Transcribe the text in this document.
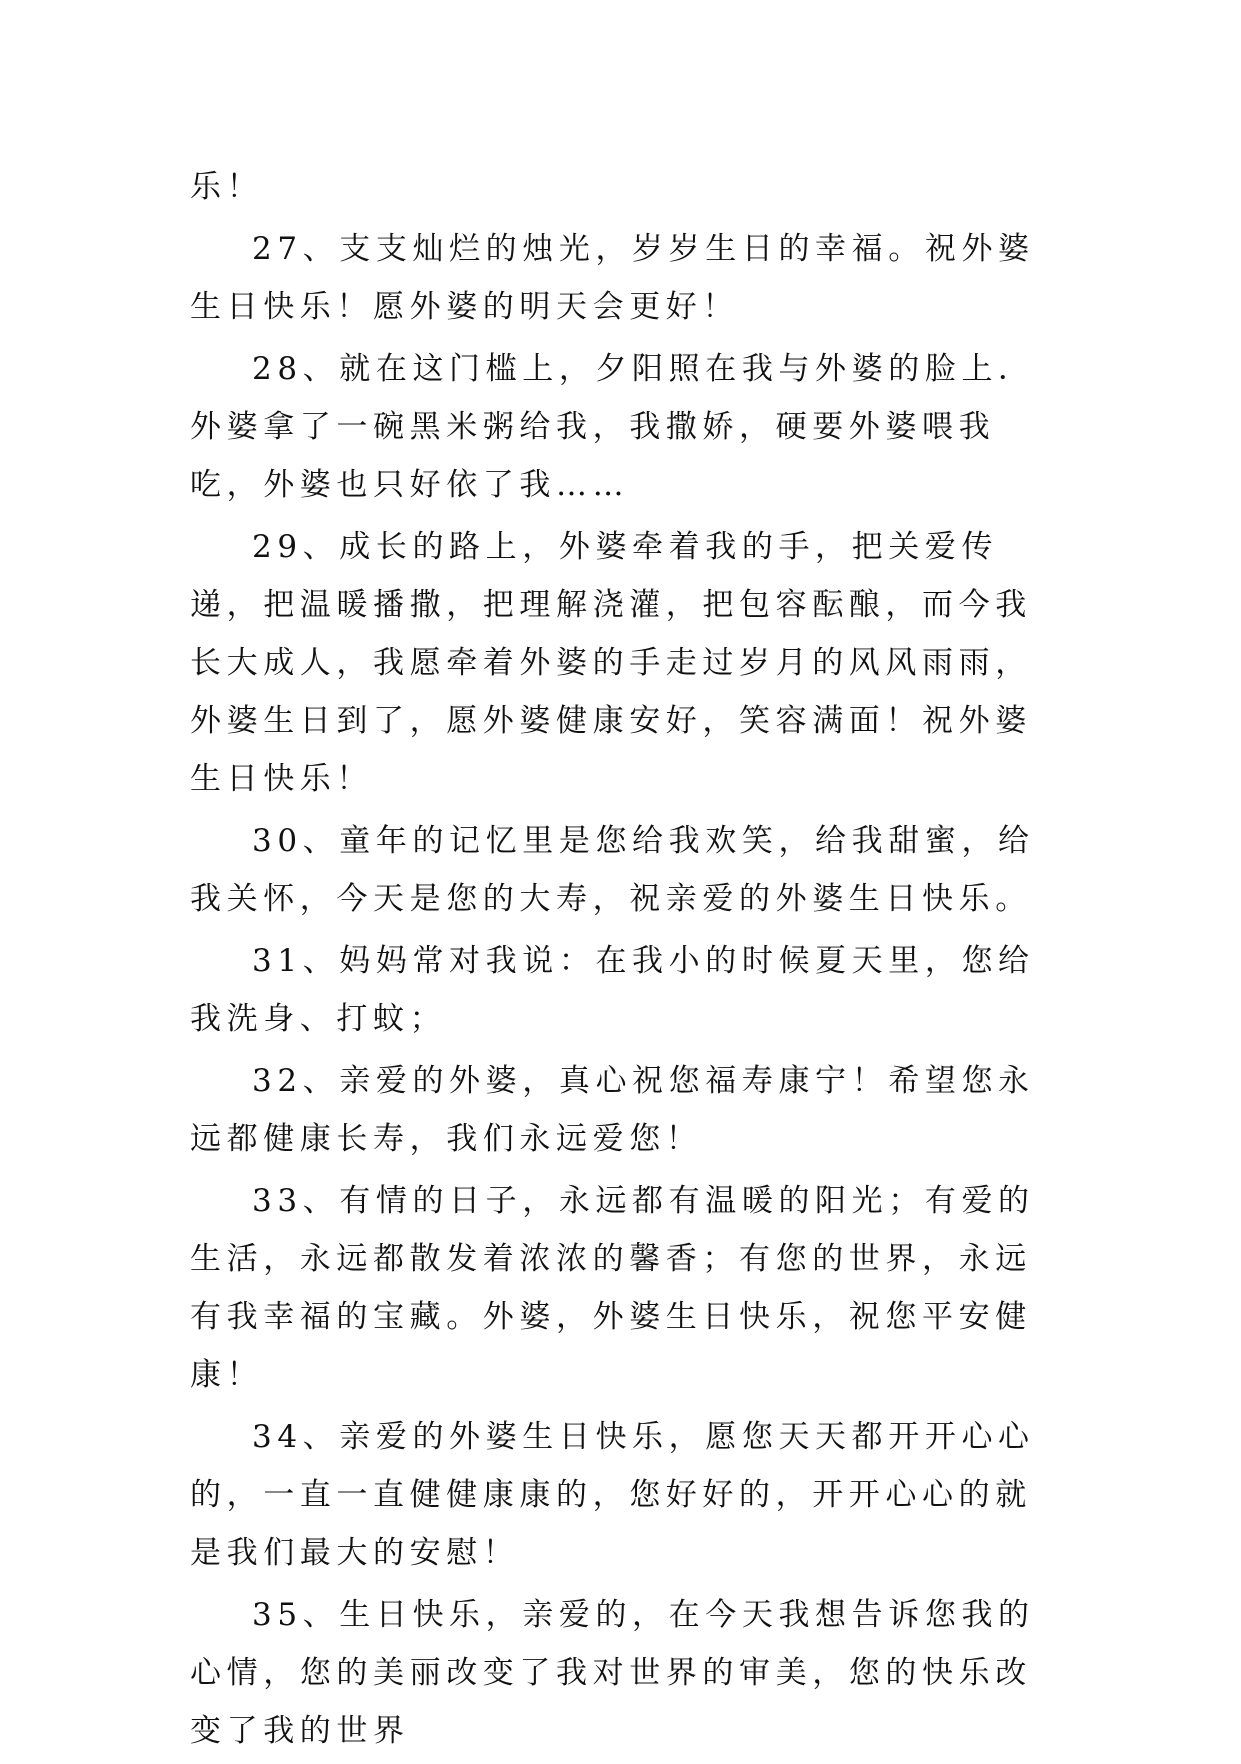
乐！

27、支支灿烂的烛光，岁岁生日的幸福。祝外婆生日快乐！愿外婆的明天会更好！

28、就在这门槛上，夕阳照在我与外婆的脸上．外婆拿了一碗黑米粥给我，我撒娇，硬要外婆喂我吃，外婆也只好依了我……

29、成长的路上，外婆牵着我的手，把关爱传递，把温暖播撒，把理解浇灌，把包容酝酿，而今我长大成人，我愿牵着外婆的手走过岁月的风风雨雨，外婆生日到了，愿外婆健康安好，笑容满面！祝外婆生日快乐！

30、童年的记忆里是您给我欢笑，给我甜蜜，给我关怀，今天是您的大寿，祝亲爱的外婆生日快乐。

31、妈妈常对我说：在我小的时候夏天里，您给我洗身、打蚊；

32、亲爱的外婆，真心祝您福寿康宁！希望您永远都健康长寿，我们永远爱您！

33、有情的日子，永远都有温暖的阳光；有爱的生活，永远都散发着浓浓的馨香；有您的世界，永远有我幸福的宝藏。外婆，外婆生日快乐，祝您平安健康！

34、亲爱的外婆生日快乐，愿您天天都开开心心的，一直一直健健康康的，您好好的，开开心心的就是我们最大的安慰！

35、生日快乐，亲爱的，在今天我想告诉您我的心情，您的美丽改变了我对世界的审美，您的快乐改变了我的世界
